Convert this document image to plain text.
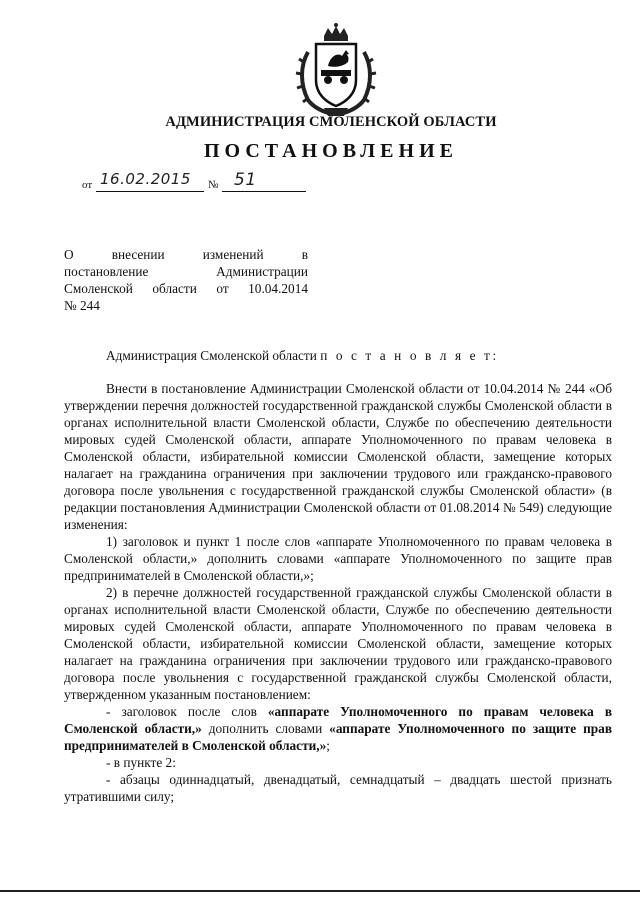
АДМИНИСТРАЦИЯ СМОЛЕНСКОЙ ОБЛАСТИ
ПОСТАНОВЛЕНИЕ
от 16.02.2015 № 51
О внесении изменений в
постановление Администрации
Смоленской области от 10.04.2014
№ 244

Администрация Смоленской области п о с т а н о в л я е т:

Внести в постановление Администрации Смоленской области от 10.04.2014 № 244 «Об утверждении перечня должностей государственной гражданской службы Смоленской области в органах исполнительной власти Смоленской области, Службе по обеспечению деятельности мировых судей Смоленской области, аппарате Уполномоченного по правам человека в Смоленской области, избирательной комиссии Смоленской области, замещение которых налагает на гражданина ограничения при заключении трудового или гражданско-правового договора после увольнения с государственной гражданской службы Смоленской области» (в редакции постановления Администрации Смоленской области от 01.08.2014 № 549) следующие изменения:

1) заголовок и пункт 1 после слов «аппарате Уполномоченного по правам человека в Смоленской области,» дополнить словами «аппарате Уполномоченного по защите прав предпринимателей в Смоленской области,»;

2) в перечне должностей государственной гражданской службы Смоленской области в органах исполнительной власти Смоленской области, Службе по обеспечению деятельности мировых судей Смоленской области, аппарате Уполномоченного по правам человека в Смоленской области, избирательной комиссии Смоленской области, замещение которых налагает на гражданина ограничения при заключении трудового или гражданско-правового договора после увольнения с государственной гражданской службы Смоленской области, утвержденном указанным постановлением:

- заголовок после слов «аппарате Уполномоченного по правам человека в Смоленской области,» дополнить словами «аппарате Уполномоченного по защите прав предпринимателей в Смоленской области,»;

- в пункте 2:

- абзацы одиннадцатый, двенадцатый, семнадцатый – двадцать шестой признать утратившими силу;
